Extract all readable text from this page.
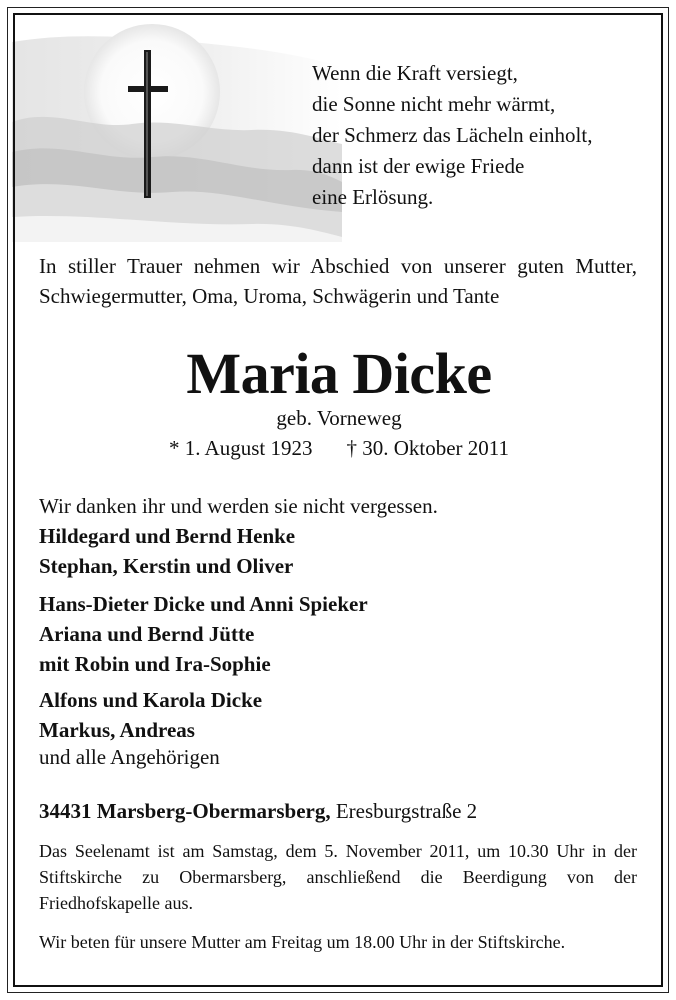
Wenn die Kraft versiegt,
die Sonne nicht mehr wärmt,
der Schmerz das Lächeln einholt,
dann ist der ewige Friede
eine Erlösung.

In stiller Trauer nehmen wir Abschied von unserer guten Mutter, Schwiegermutter, Oma, Uroma, Schwägerin und Tante

Maria Dicke
geb. Vorneweg
* 1. August 1923 † 30. Oktober 2011
Wir danken ihr und werden sie nicht vergessen.
Hildegard und Bernd Henke
Stephan, Kerstin und Oliver
Hans-Dieter Dicke und Anni Spieker
Ariana und Bernd Jütte
mit Robin und Ira-Sophie
Alfons und Karola Dicke
Markus, Andreas
und alle Angehörigen
34431 Marsberg-Obermarsberg, Eresburgstraße 2

Das Seelenamt ist am Samstag, dem 5. November 2011, um 10.30 Uhr in der Stiftskirche zu Obermarsberg, anschließend die Beerdigung von der Friedhofskapelle aus.

Wir beten für unsere Mutter am Freitag um 18.00 Uhr in der Stiftskirche.
